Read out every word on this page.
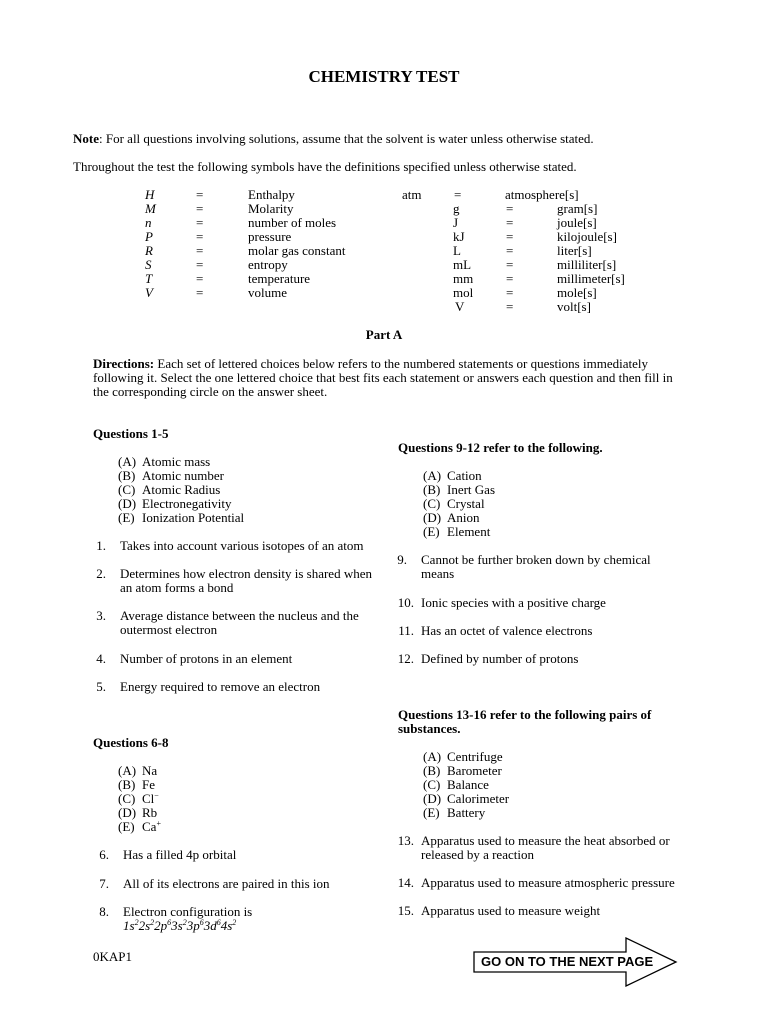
CHEMISTRY TEST
Note: For all questions involving solutions, assume that the solvent is water unless otherwise stated.
Throughout the test the following symbols have the definitions specified unless otherwise stated.
H	=	Enthalpy
M	=	Molarity
n	=	number of moles
P	=	pressure
R	=	molar gas constant
S	=	entropy
T	=	temperature
V	=	volume
atm	=	atmosphere[s]
g	=	gram[s]
J	=	joule[s]
kJ	=	kilojoule[s]
L	=	liter[s]
mL	=	milliliter[s]
mm	=	millimeter[s]
mol	=	mole[s]
V	=	volt[s]
Part A
Directions: Each set of lettered choices below refers to the numbered statements or questions immediately following it. Select the one lettered choice that best fits each statement or answers each question and then fill in the corresponding circle on the answer sheet.
Questions 1-5
(A) Atomic mass
(B) Atomic number
(C) Atomic Radius
(D) Electronegativity
(E) Ionization Potential
1. Takes into account various isotopes of an atom
2. Determines how electron density is shared when an atom forms a bond
3. Average distance between the nucleus and the outermost electron
4. Number of protons in an element
5. Energy required to remove an electron
Questions 6-8
(A) Na
(B) Fe
(C) Cl−
(D) Rb
(E) Ca+
6. Has a filled 4p orbital
7. All of its electrons are paired in this ion
8. Electron configuration is
$1s^22s^22p^63s^23p^63d^64s^2$
Questions 9-12 refer to the following.
(A) Cation
(B) Inert Gas
(C) Crystal
(D) Anion
(E) Element
9. Cannot be further broken down by chemical means
10. Ionic species with a positive charge
11. Has an octet of valence electrons
12. Defined by number of protons
Questions 13-16 refer to the following pairs of substances.
(A) Centrifuge
(B) Barometer
(C) Balance
(D) Calorimeter
(E) Battery
13. Apparatus used to measure the heat absorbed or released by a reaction
14. Apparatus used to measure atmospheric pressure
15. Apparatus used to measure weight
0KAP1	GO ON TO THE NEXT PAGE
